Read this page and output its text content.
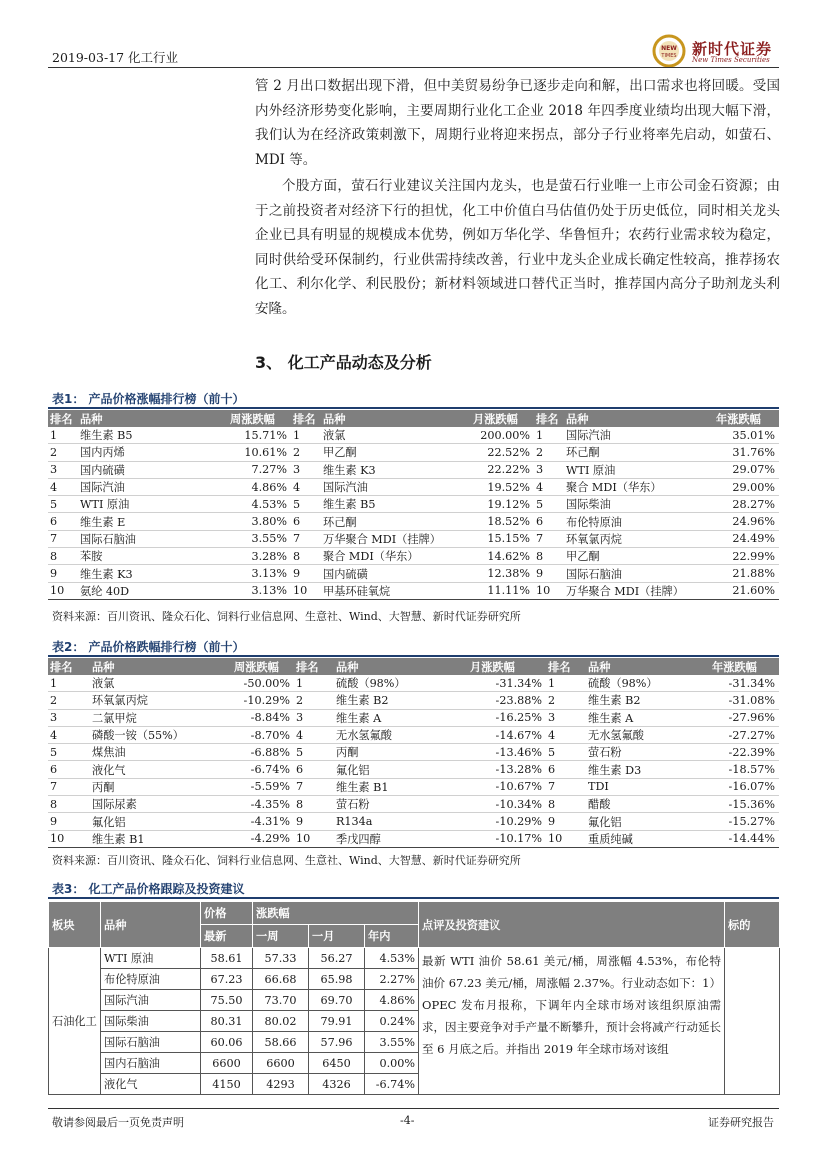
2019-03-17 化工行业
NEW
TIMES 新时代证券
New Times Securities

管 2 月出口数据出现下滑，但中美贸易纷争已逐步走向和解，出口需求也将回暖。受国内外经济形势变化影响，主要周期行业化工企业 2018 年四季度业绩均出现大幅下滑，我们认为在经济政策刺激下，周期行业将迎来拐点，部分子行业将率先启动，如萤石、MDI 等。

个股方面，萤石行业建议关注国内龙头，也是萤石行业唯一上市公司金石资源；由于之前投资者对经济下行的担忧，化工中价值白马估值仍处于历史低位，同时相关龙头企业已具有明显的规模成本优势，例如万华化学、华鲁恒升；农药行业需求较为稳定，同时供给受环保制约，行业供需持续改善，行业中龙头企业成长确定性较高，推荐扬农化工、利尔化学、利民股份；新材料领域进口替代正当时，推荐国内高分子助剂龙头利安隆。

3、 化工产品动态及分析
表1： 产品价格涨幅排行榜（前十）
排名	品种	周涨跌幅	排名	品种	月涨跌幅	排名	品种	年涨跌幅
1	维生素 B5	15.71%	1	液氯	200.00%	1	国际汽油	35.01%
2	国内丙烯	10.61%	2	甲乙酮	22.52%	2	环己酮	31.76%
3	国内硫磺	7.27%	3	维生素 K3	22.22%	3	WTI 原油	29.07%
4	国际汽油	4.86%	4	国际汽油	19.52%	4	聚合 MDI（华东）	29.00%
5	WTI 原油	4.53%	5	维生素 B5	19.12%	5	国际柴油	28.27%
6	维生素 E	3.80%	6	环己酮	18.52%	6	布伦特原油	24.96%
7	国际石脑油	3.55%	7	万华聚合 MDI（挂牌）	15.15%	7	环氧氯丙烷	24.49%
8	苯胺	3.28%	8	聚合 MDI（华东）	14.62%	8	甲乙酮	22.99%
9	维生素 K3	3.13%	9	国内硫磺	12.38%	9	国际石脑油	21.88%
10	氨纶 40D	3.13%	10	甲基环硅氧烷	11.11%	10	万华聚合 MDI（挂牌）	21.60%
资料来源：百川资讯、隆众石化、饲料行业信息网、生意社、Wind、大智慧、新时代证券研究所
表2： 产品价格跌幅排行榜（前十）
排名	品种	周涨跌幅	排名	品种	月涨跌幅	排名	品种	年涨跌幅
1	液氯	-50.00%	1	硫酸（98%）	-31.34%	1	硫酸（98%）	-31.34%
2	环氧氯丙烷	-10.29%	2	维生素 B2	-23.88%	2	维生素 B2	-31.08%
3	二氯甲烷	-8.84%	3	维生素 A	-16.25%	3	维生素 A	-27.96%
4	磷酸一铵（55%）	-8.70%	4	无水氢氟酸	-14.67%	4	无水氢氟酸	-27.27%
5	煤焦油	-6.88%	5	丙酮	-13.46%	5	萤石粉	-22.39%
6	液化气	-6.74%	6	氟化铝	-13.28%	6	维生素 D3	-18.57%
7	丙酮	-5.59%	7	维生素 B1	-10.67%	7	TDI	-16.07%
8	国际尿素	-4.35%	8	萤石粉	-10.34%	8	醋酸	-15.36%
9	氟化铝	-4.31%	9	R134a	-10.29%	9	氟化铝	-15.27%
10	维生素 B1	-4.29%	10	季戊四醇	-10.17%	10	重质纯碱	-14.44%
资料来源：百川资讯、隆众石化、饲料行业信息网、生意社、Wind、大智慧、新时代证券研究所
表3： 化工产品价格跟踪及投资建议
板块	品种	价格	涨跌幅			点评及投资建议	标的
		最新	一周	一月	年内		
石油化工	WTI 原油	58.61	57.33	56.27	4.53%	最新 WTI 油价 58.61 美元/桶，周涨幅 4.53%，布伦特油价 67.23 美元/桶，周涨幅 2.37%。行业动态如下：1）OPEC 发布月报称，下调年内全球市场对该组织原油需求，因主要竞争对手产量不断攀升，预计会将减产行动延长至 6 月底之后。并指出 2019 年全球市场对该组	

	布伦特原油	67.23	66.68	65.98	2.27%		
	国际汽油	75.50	73.70	69.70	4.86%		
	国际柴油	80.31	80.02	79.91	0.24%		
	国际石脑油	60.06	58.66	57.96	3.55%		
	国内石脑油	6600	6600	6450	0.00%		
	液化气	4150	4293	4326	-6.74%		
敬请参阅最后一页免责声明	-4-	证券研究报告
